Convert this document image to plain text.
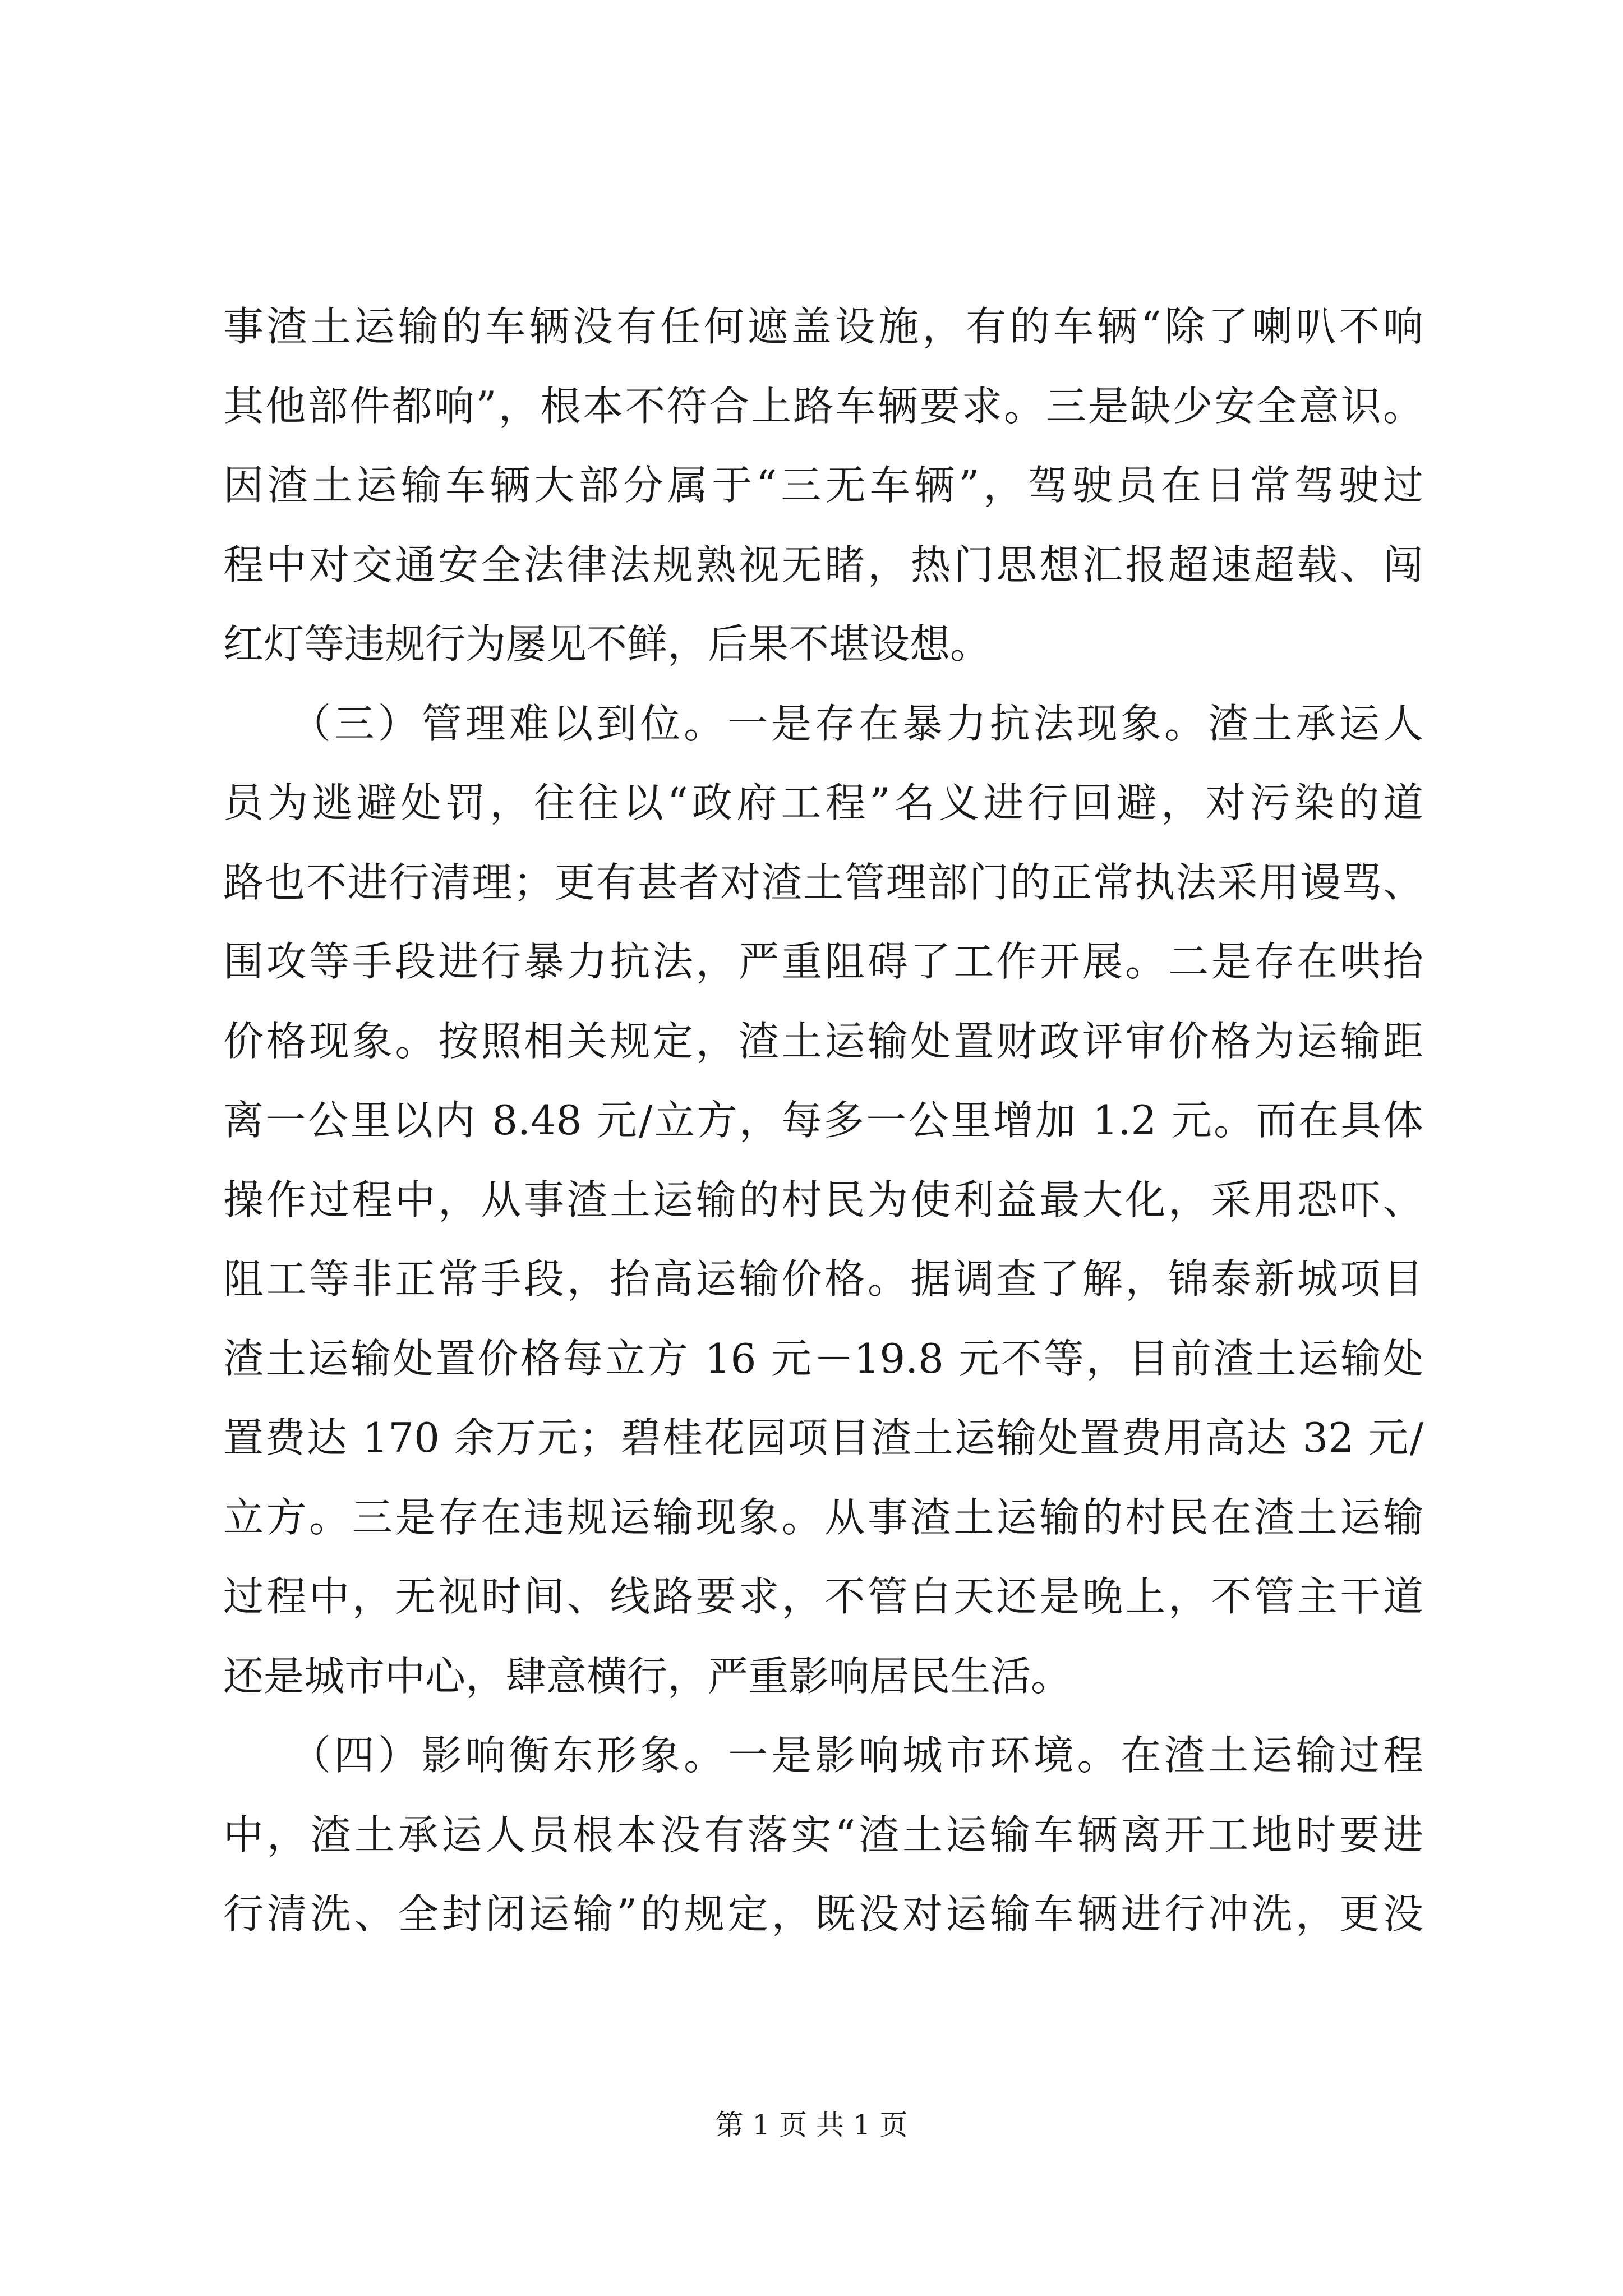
事渣土运输的车辆没有任何遮盖设施，有的车辆“除了喇叭不响
其他部件都响”，根本不符合上路车辆要求。三是缺少安全意识。
因渣土运输车辆大部分属于“三无车辆”，驾驶员在日常驾驶过
程中对交通安全法律法规熟视无睹，热门思想汇报超速超载、闯
红灯等违规行为屡见不鲜，后果不堪设想。
　　（三）管理难以到位。一是存在暴力抗法现象。渣土承运人
员为逃避处罚，往往以“政府工程”名义进行回避，对污染的道
路也不进行清理；更有甚者对渣土管理部门的正常执法采用谩骂、
围攻等手段进行暴力抗法，严重阻碍了工作开展。二是存在哄抬
价格现象。按照相关规定，渣土运输处置财政评审价格为运输距
离一公里以内 8.48 元/立方，每多一公里增加 1.2 元。而在具体
操作过程中，从事渣土运输的村民为使利益最大化，采用恐吓、
阻工等非正常手段，抬高运输价格。据调查了解，锦泰新城项目
渣土运输处置价格每立方 16 元－19.8 元不等，目前渣土运输处
置费达 170 余万元；碧桂花园项目渣土运输处置费用高达 32 元/
立方。三是存在违规运输现象。从事渣土运输的村民在渣土运输
过程中，无视时间、线路要求，不管白天还是晚上，不管主干道
还是城市中心，肆意横行，严重影响居民生活。
　　（四）影响衡东形象。一是影响城市环境。在渣土运输过程
中，渣土承运人员根本没有落实“渣土运输车辆离开工地时要进
行清洗、全封闭运输”的规定，既没对运输车辆进行冲洗，更没
第 1 页 共 1 页
